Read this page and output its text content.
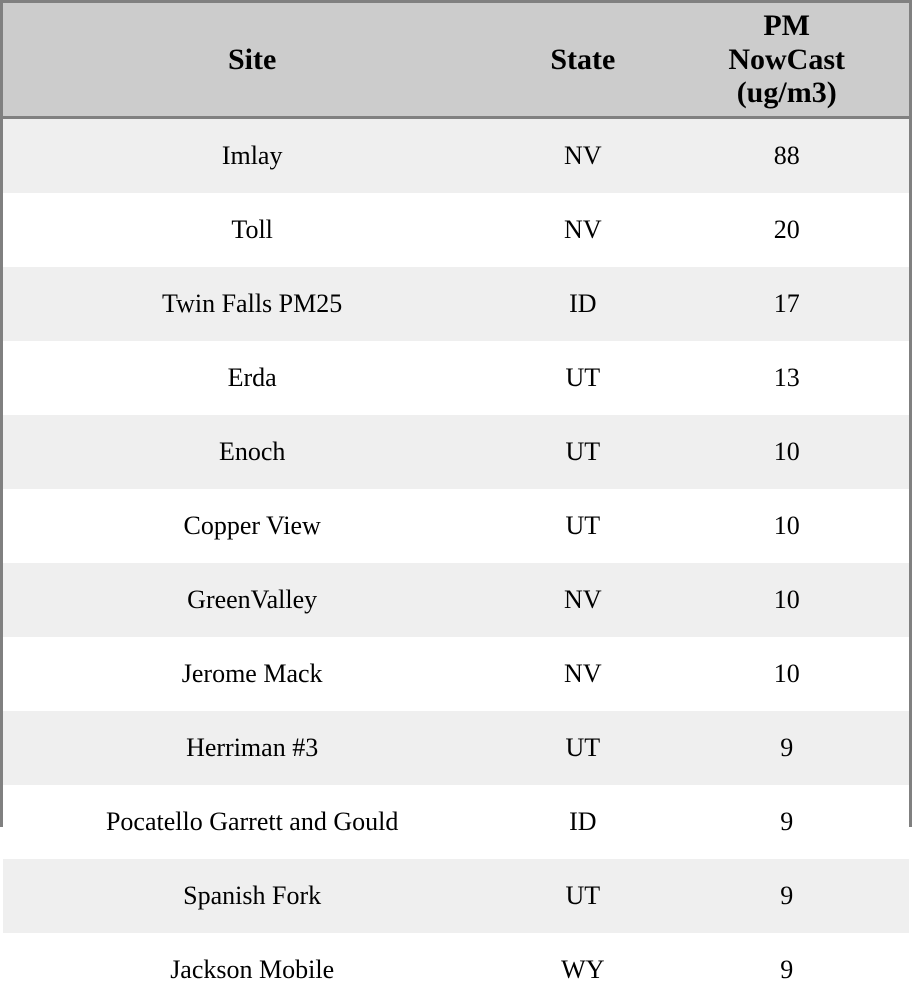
Site	State	PM
NowCast
(ug/m3)

Imlay	NV	88
Toll	NV	20
Twin Falls PM25	ID	17
Erda	UT	13
Enoch	UT	10
Copper View	UT	10
GreenValley	NV	10
Jerome Mack	NV	10
Herriman #3	UT	9
Pocatello Garrett and Gould	ID	9
Spanish Fork	UT	9
Jackson Mobile	WY	9
